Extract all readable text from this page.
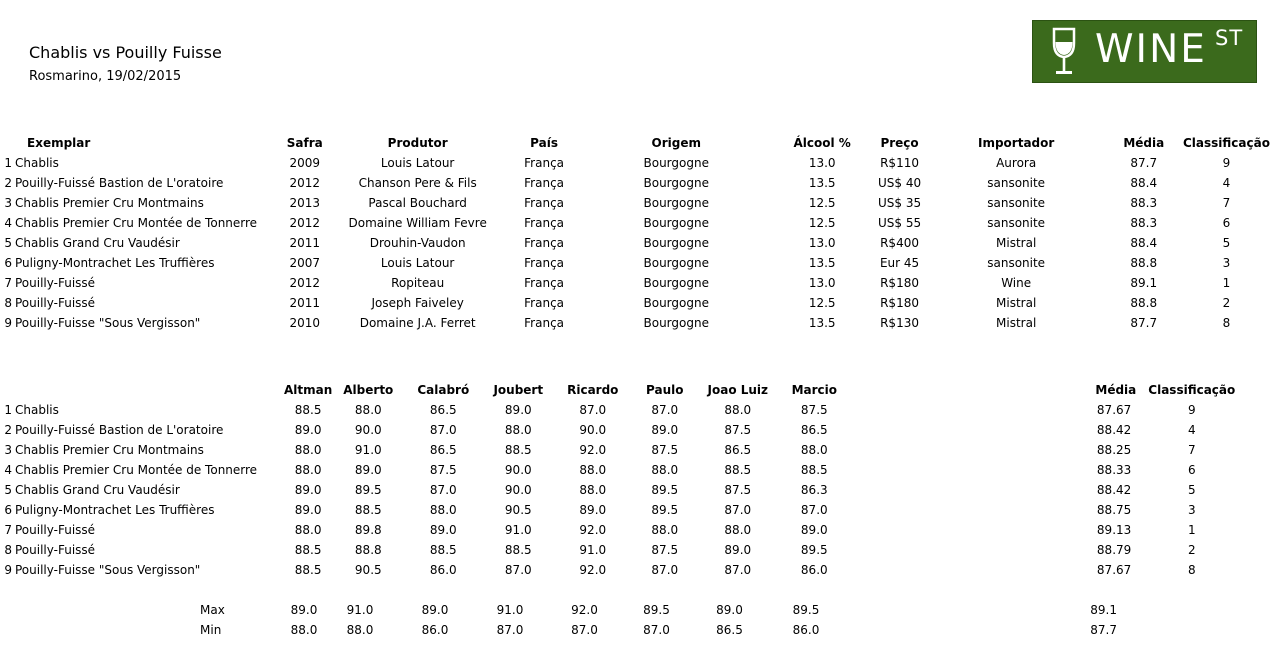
Chablis vs Pouilly Fuisse
Rosmarino, 19/02/2015
WINE ST
Exemplar	Safra	Produtor	País	Origem	Álcool %	Preço	Importador	Média	Classificação
1 Chablis	2009	Louis Latour	França	Bourgogne	13.0	R$110	Aurora	87.7	9
2 Pouilly-Fuissé Bastion de L'oratoire	2012	Chanson Pere & Fils	França	Bourgogne	13.5	US$ 40	sansonite	88.4	4
3 Chablis Premier Cru Montmains	2013	Pascal Bouchard	França	Bourgogne	12.5	US$ 35	sansonite	88.3	7
4 Chablis Premier Cru Montée de Tonnerre	2012	Domaine William Fevre	França	Bourgogne	12.5	US$ 55	sansonite	88.3	6
5 Chablis Grand Cru Vaudésir	2011	Drouhin-Vaudon	França	Bourgogne	13.0	R$400	Mistral	88.4	5
6 Puligny-Montrachet Les Truffières	2007	Louis Latour	França	Bourgogne	13.5	Eur 45	sansonite	88.8	3
7 Pouilly-Fuissé	2012	Ropiteau	França	Bourgogne	13.0	R$180	Wine	89.1	1
8 Pouilly-Fuissé	2011	Joseph Faiveley	França	Bourgogne	12.5	R$180	Mistral	88.8	2
9 Pouilly-Fuisse "Sous Vergisson"	2010	Domaine J.A. Ferret	França	Bourgogne	13.5	R$130	Mistral	87.7	8
	Altman	Alberto	Calabró	Joubert	Ricardo	Paulo	Joao Luiz	Marcio	Média	Classificação
1 Chablis	88.5	88.0	86.5	89.0	87.0	87.0	88.0	87.5	87.67	9
2 Pouilly-Fuissé Bastion de L'oratoire	89.0	90.0	87.0	88.0	90.0	89.0	87.5	86.5	88.42	4
3 Chablis Premier Cru Montmains	88.0	91.0	86.5	88.5	92.0	87.5	86.5	88.0	88.25	7
4 Chablis Premier Cru Montée de Tonnerre	88.0	89.0	87.5	90.0	88.0	88.0	88.5	88.5	88.33	6
5 Chablis Grand Cru Vaudésir	89.0	89.5	87.0	90.0	88.0	89.5	87.5	86.3	88.42	5
6 Puligny-Montrachet Les Truffières	89.0	88.5	88.0	90.5	89.0	89.5	87.0	87.0	88.75	3
7 Pouilly-Fuissé	88.0	89.8	89.0	91.0	92.0	88.0	88.0	89.0	89.13	1
8 Pouilly-Fuissé	88.5	88.8	88.5	88.5	91.0	87.5	89.0	89.5	88.79	2
9 Pouilly-Fuisse "Sous Vergisson"	88.5	90.5	86.0	87.0	92.0	87.0	87.0	86.0	87.67	8
Max	89.0	91.0	89.0	91.0	92.0	89.5	89.0	89.5	89.1	
Min	88.0	88.0	86.0	87.0	87.0	87.0	86.5	86.0	87.7	
